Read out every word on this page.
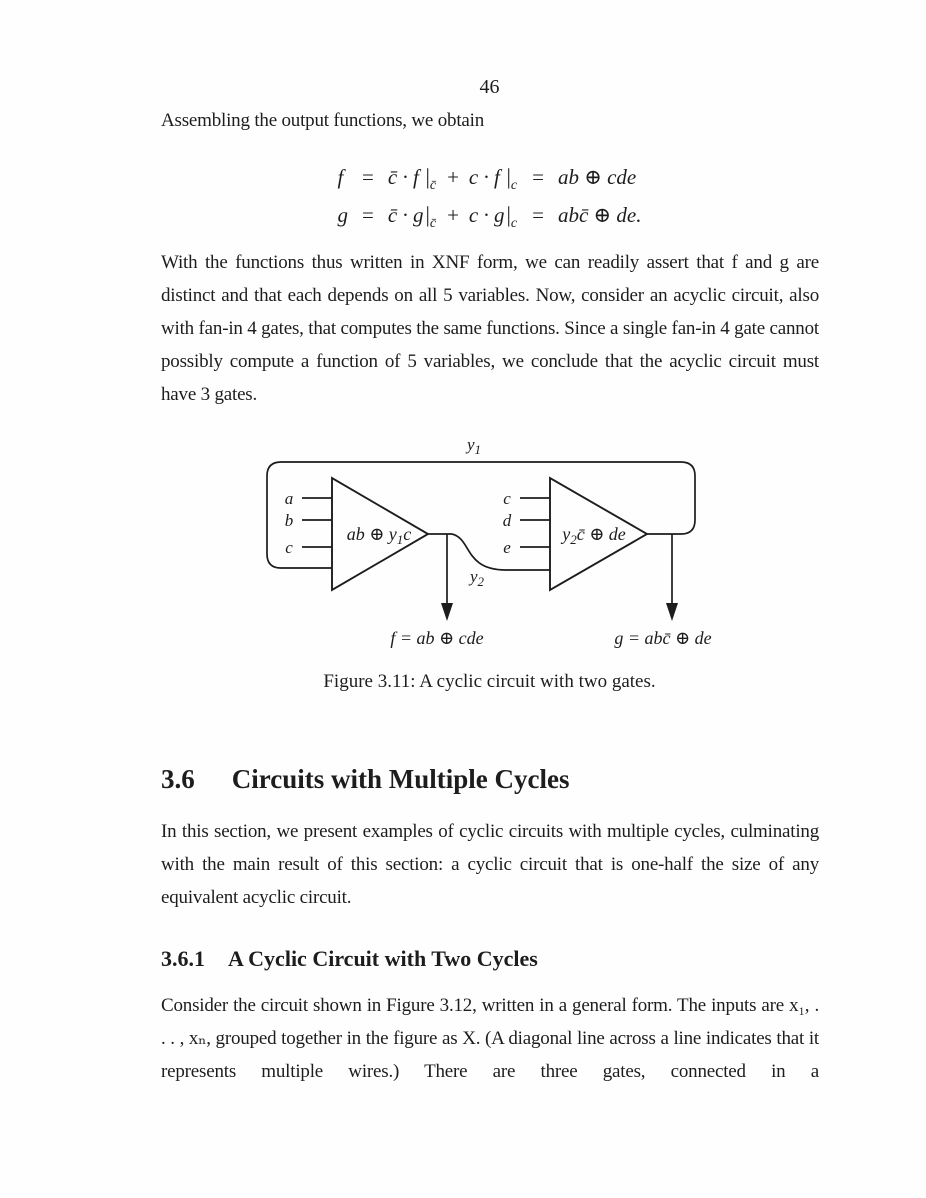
46
Assembling the output functions, we obtain
f = c̄ · f | c̄ + c · f | c = ab ⊕ cde
g = c̄ · g | c̄ + c · g | c = abc̄ ⊕ de.
With the functions thus written in XNF form, we can readily assert that f and g are distinct and that each depends on all 5 variables. Now, consider an acyclic circuit, also with fan-in 4 gates, that computes the same functions. Since a single fan-in 4 gate cannot possibly compute a function of 5 variables, we conclude that the acyclic circuit must have 3 gates.
$y_1$
$y_2$
a
b
c
c
d
e
ab ⊕ $y_1c$	$y_2c̄$ ⊕ de
f = ab ⊕ cde	g = abc̄ ⊕ de
Figure 3.11: A cyclic circuit with two gates.
3.6 Circuits with Multiple Cycles
In this section, we present examples of cyclic circuits with multiple cycles, culminating with the main result of this section: a cyclic circuit that is one-half the size of any equivalent acyclic circuit.
3.6.1 A Cyclic Circuit with Two Cycles
Consider the circuit shown in Figure 3.12, written in a general form. The inputs are x₁, . . . , xₙ, grouped together in the figure as X. (A diagonal line across a line indicates that it represents multiple wires.) There are three gates, connected in a
